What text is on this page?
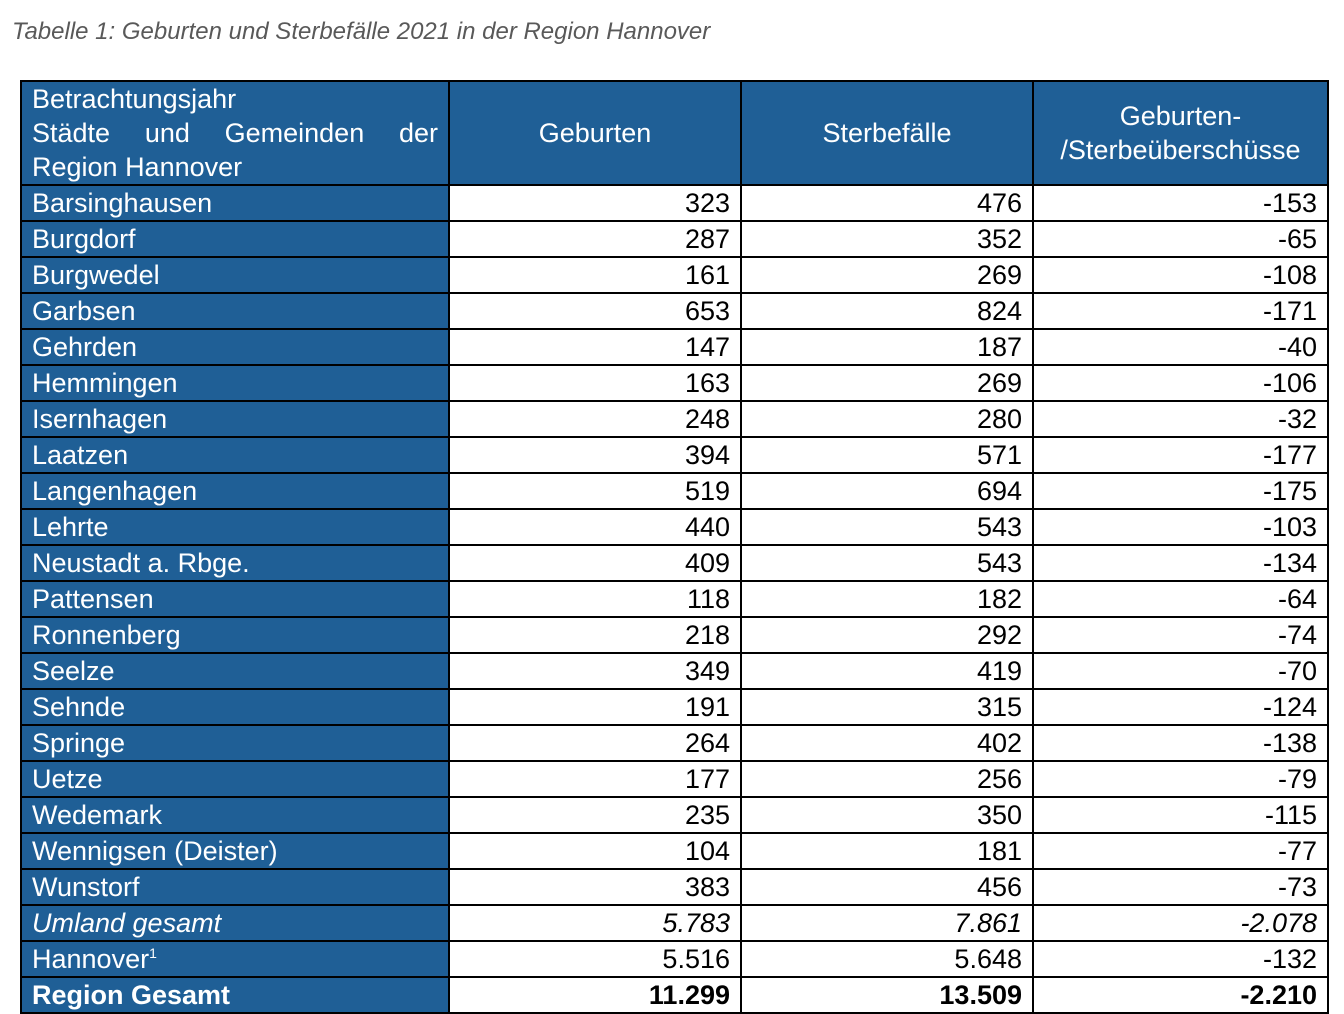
Tabelle 1: Geburten und Sterbefälle 2021 in der Region Hannover
Betrachtungsjahr
Städte und Gemeinden der
Region Hannover	Geburten	Sterbefälle	Geburten-
/Sterbeüberschüsse

Barsinghausen	323	476	-153
Burgdorf	287	352	-65
Burgwedel	161	269	-108
Garbsen	653	824	-171
Gehrden	147	187	-40
Hemmingen	163	269	-106
Isernhagen	248	280	-32
Laatzen	394	571	-177
Langenhagen	519	694	-175
Lehrte	440	543	-103
Neustadt a. Rbge.	409	543	-134
Pattensen	118	182	-64
Ronnenberg	218	292	-74
Seelze	349	419	-70
Sehnde	191	315	-124
Springe	264	402	-138
Uetze	177	256	-79
Wedemark	235	350	-115
Wennigsen (Deister)	104	181	-77
Wunstorf	383	456	-73
Umland gesamt	5.783	7.861	-2.078
Hannover$^1$	5.516	5.648	-132
Region Gesamt	11.299	13.509	-2.210
